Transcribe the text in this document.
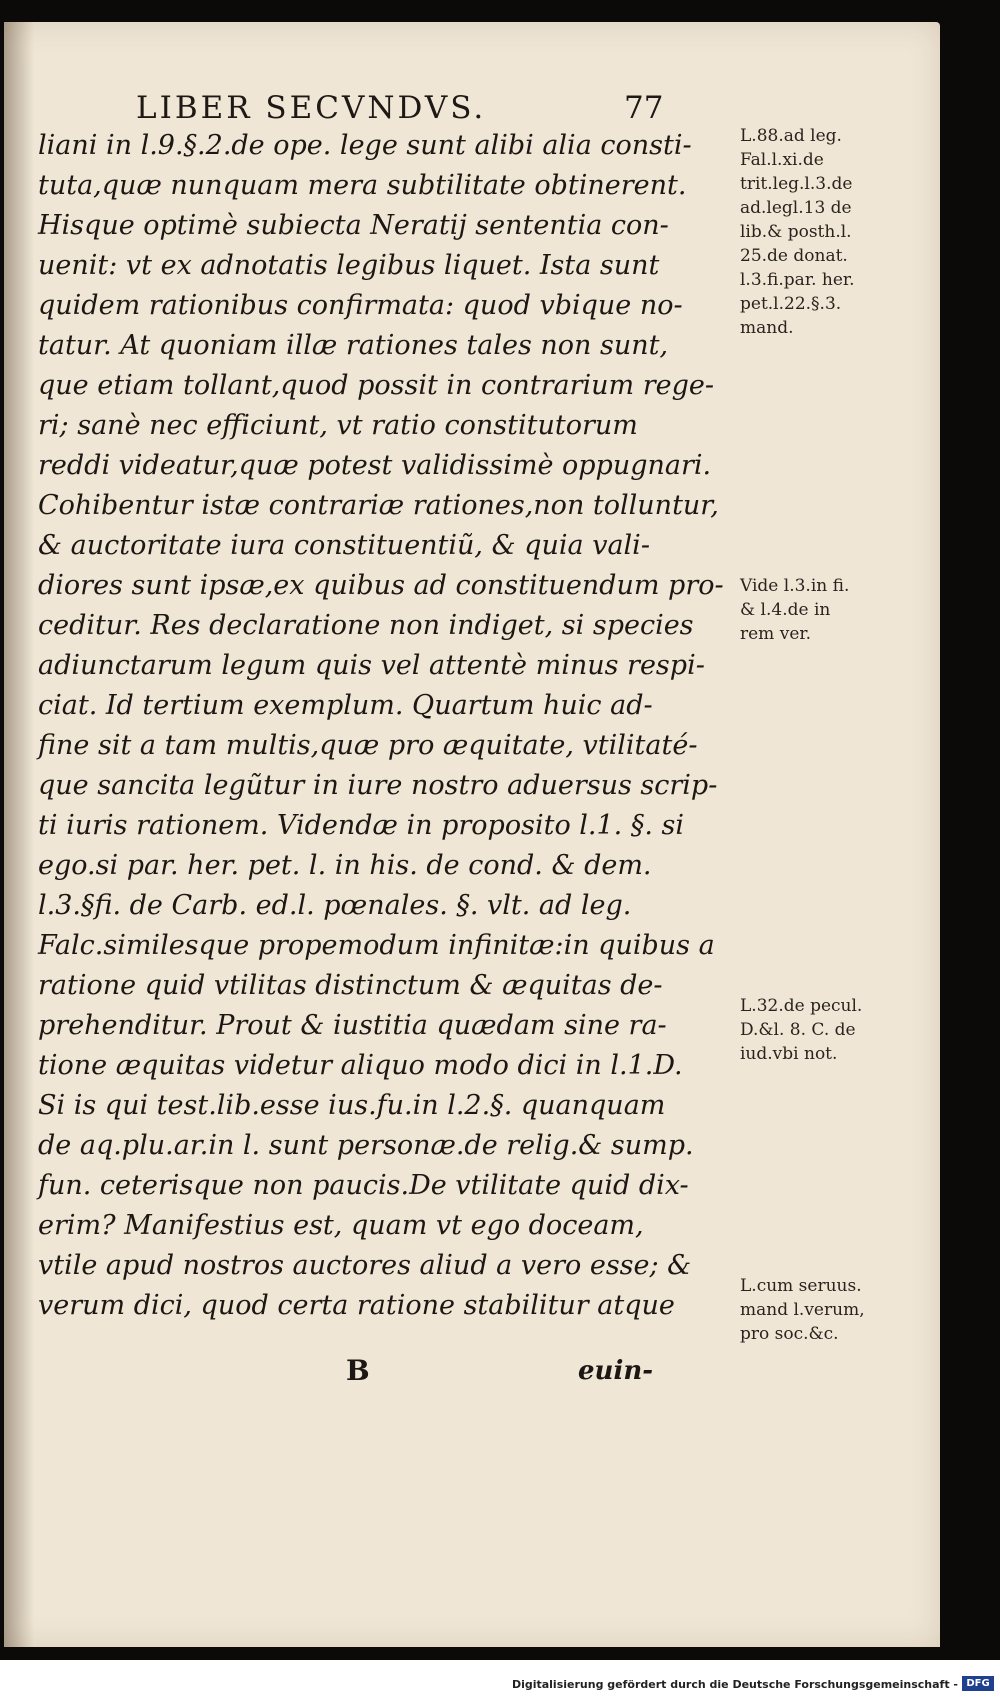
LIBER SECVNDVS.	77
liani in l.9.§.2.de ope. lege sunt alibi alia consti-
tuta,quæ nunquam mera subtilitate obtinerent.
Hisque optimè subiecta Neratij sententia con-
uenit: vt ex adnotatis legibus liquet. Ista sunt
quidem rationibus confirmata: quod vbique no-
tatur. At quoniam illæ rationes tales non sunt,
que etiam tollant,quod possit in contrarium rege-
ri; sanè nec efficiunt, vt ratio constitutorum
reddi videatur,quæ potest validissimè oppugnari.
Cohibentur istæ contrariæ rationes,non tolluntur,
& auctoritate iura constituentiũ, & quia vali-
diores sunt ipsæ,ex quibus ad constituendum pro-
ceditur. Res declaratione non indiget, si species
adiunctarum legum quis vel attentè minus respi-
ciat. Id tertium exemplum. Quartum huic ad-
fine sit a tam multis,quæ pro æquitate, vtilitaté-
que sancita legũtur in iure nostro aduersus scrip-
ti iuris rationem. Videndæ in proposito l.1. §. si
ego.si par. her. pet. l. in his. de cond. & dem.
l.3.§fi. de Carb. ed.l. pœnales. §. vlt. ad leg.
Falc.similesque propemodum infinitæ:in quibus a
ratione quid vtilitas distinctum & æquitas de-
prehenditur. Prout & iustitia quædam sine ra-
tione æquitas videtur aliquo modo dici in l.1.D.
Si is qui test.lib.esse ius.fu.in l.2.§. quanquam
de aq.plu.ar.in l. sunt personæ.de relig.& sump.
fun. ceterisque non paucis.De vtilitate quid dix-
erim? Manifestius est, quam vt ego doceam,
vtile apud nostros auctores aliud a vero esse; &
verum dici, quod certa ratione stabilitur atque
B	euin-
L.88.ad leg.
Fal.l.xi.de
trit.leg.l.3.de
ad.legl.13 de
lib.& posth.l.
25.de donat.
l.3.fi.par. her.
pet.l.22.§.3.
mand.
Vide l.3.in fi.
& l.4.de in
rem ver.
L.32.de pecul.
D.&l. 8. C. de
iud.vbi not.
L.cum seruus.
mand l.verum,
pro soc.&c.
Digitalisierung gefördert durch die Deutsche Forschungsgemeinschaft - DFG
